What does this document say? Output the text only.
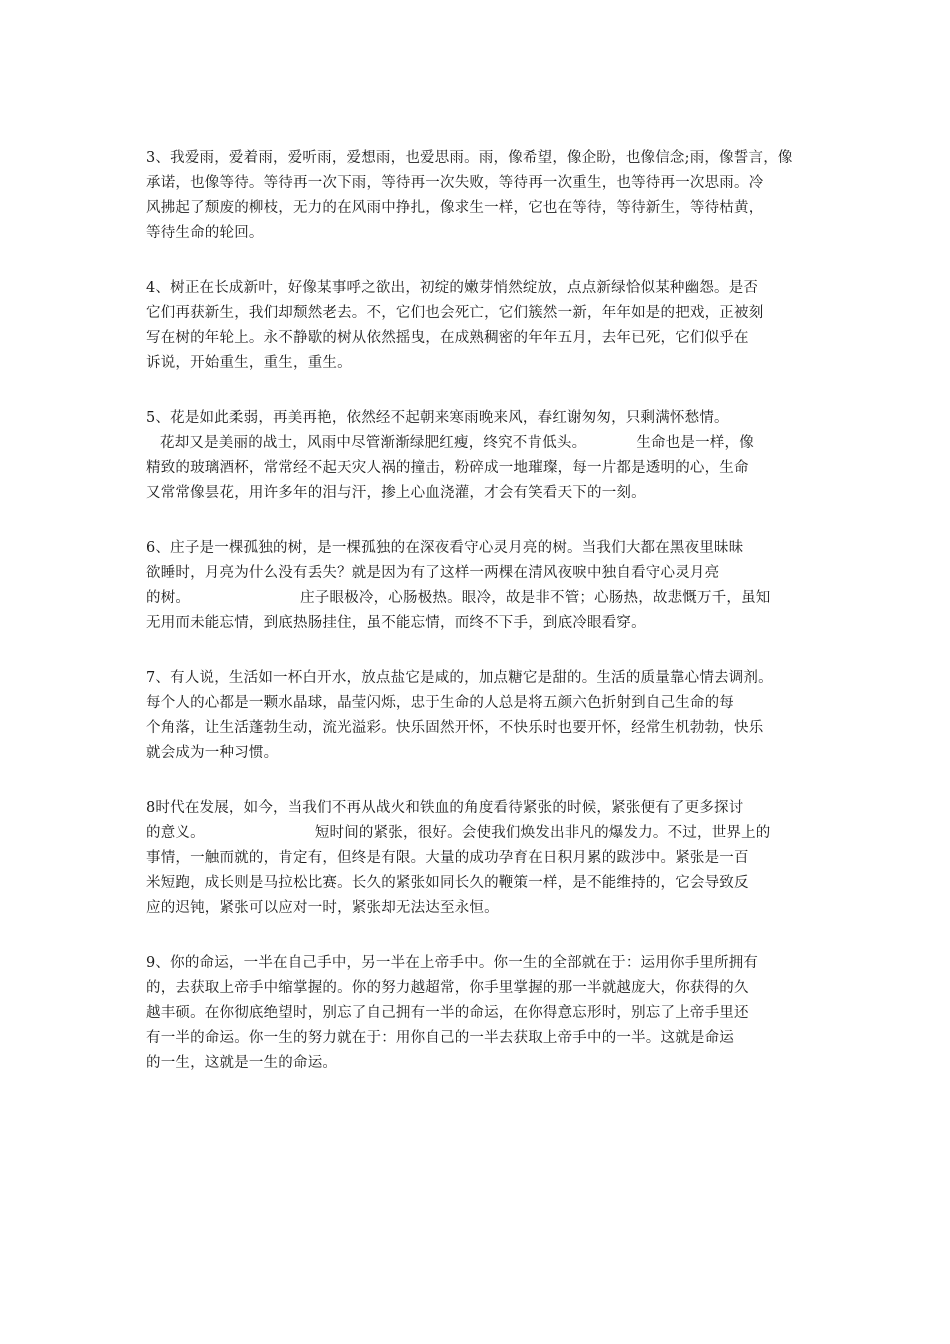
3、我爱雨，爱着雨，爱听雨，爱想雨，也爱思雨。雨，像希望，像企盼，也像信念;雨，像誓言，像
承诺，也像等待。等待再一次下雨，等待再一次失败，等待再一次重生，也等待再一次思雨。冷
风拂起了颓废的柳枝，无力的在风雨中挣扎，像求生一样，它也在等待，等待新生，等待枯黄，
等待生命的轮回。
4、树正在长成新叶，好像某事呼之欲出，初绽的嫩芽悄然绽放，点点新绿恰似某种幽怨。是否
它们再获新生，我们却颓然老去。不，它们也会死亡，它们簇然一新，年年如是的把戏，正被刻
写在树的年轮上。永不静歇的树从依然摇曳，在成熟稠密的年年五月，去年已死，它们似乎在
诉说，开始重生，重生，重生。
5、花是如此柔弱，再美再艳，依然经不起朝来寒雨晚来风，春红谢匆匆，只剩满怀愁情。
花却又是美丽的战士，风雨中尽管渐渐绿肥红瘦，终究不肯低头。	生命也是一样，像
精致的玻璃酒杯，常常经不起天灾人祸的撞击，粉碎成一地璀璨，每一片都是透明的心，生命
又常常像昙花，用许多年的泪与汗，掺上心血浇灌，才会有笑看天下的一刻。
6、庄子是一棵孤独的树，是一棵孤独的在深夜看守心灵月亮的树。当我们大都在黑夜里昧昧
欲睡时，月亮为什么没有丢失？就是因为有了这样一两棵在清风夜唳中独自看守心灵月亮
的树。	庄子眼极冷，心肠极热。眼冷，故是非不管；心肠热，故悲慨万千，虽知
无用而未能忘情，到底热肠挂住，虽不能忘情，而终不下手，到底冷眼看穿。
7、有人说，生活如一杯白开水，放点盐它是咸的，加点糖它是甜的。生活的质量靠心情去调剂。
每个人的心都是一颗水晶球，晶莹闪烁，忠于生命的人总是将五颜六色折射到自己生命的每
个角落，让生活蓬勃生动，流光溢彩。快乐固然开怀，不快乐时也要开怀，经常生机勃勃，快乐
就会成为一种习惯。
8时代在发展，如今，当我们不再从战火和铁血的角度看待紧张的时候，紧张便有了更多探讨
的意义。	短时间的紧张，很好。会使我们焕发出非凡的爆发力。不过，世界上的
事情，一触而就的，肯定有，但终是有限。大量的成功孕育在日积月累的跋涉中。紧张是一百
米短跑，成长则是马拉松比赛。长久的紧张如同长久的鞭策一样，是不能维持的，它会导致反
应的迟钝，紧张可以应对一时，紧张却无法达至永恒。
9、你的命运，一半在自己手中，另一半在上帝手中。你一生的全部就在于：运用你手里所拥有
的，去获取上帝手中缩掌握的。你的努力越超常，你手里掌握的那一半就越庞大，你获得的久
越丰硕。在你彻底绝望时，别忘了自己拥有一半的命运，在你得意忘形时，别忘了上帝手里还
有一半的命运。你一生的努力就在于：用你自己的一半去获取上帝手中的一半。这就是命运
的一生，这就是一生的命运。
